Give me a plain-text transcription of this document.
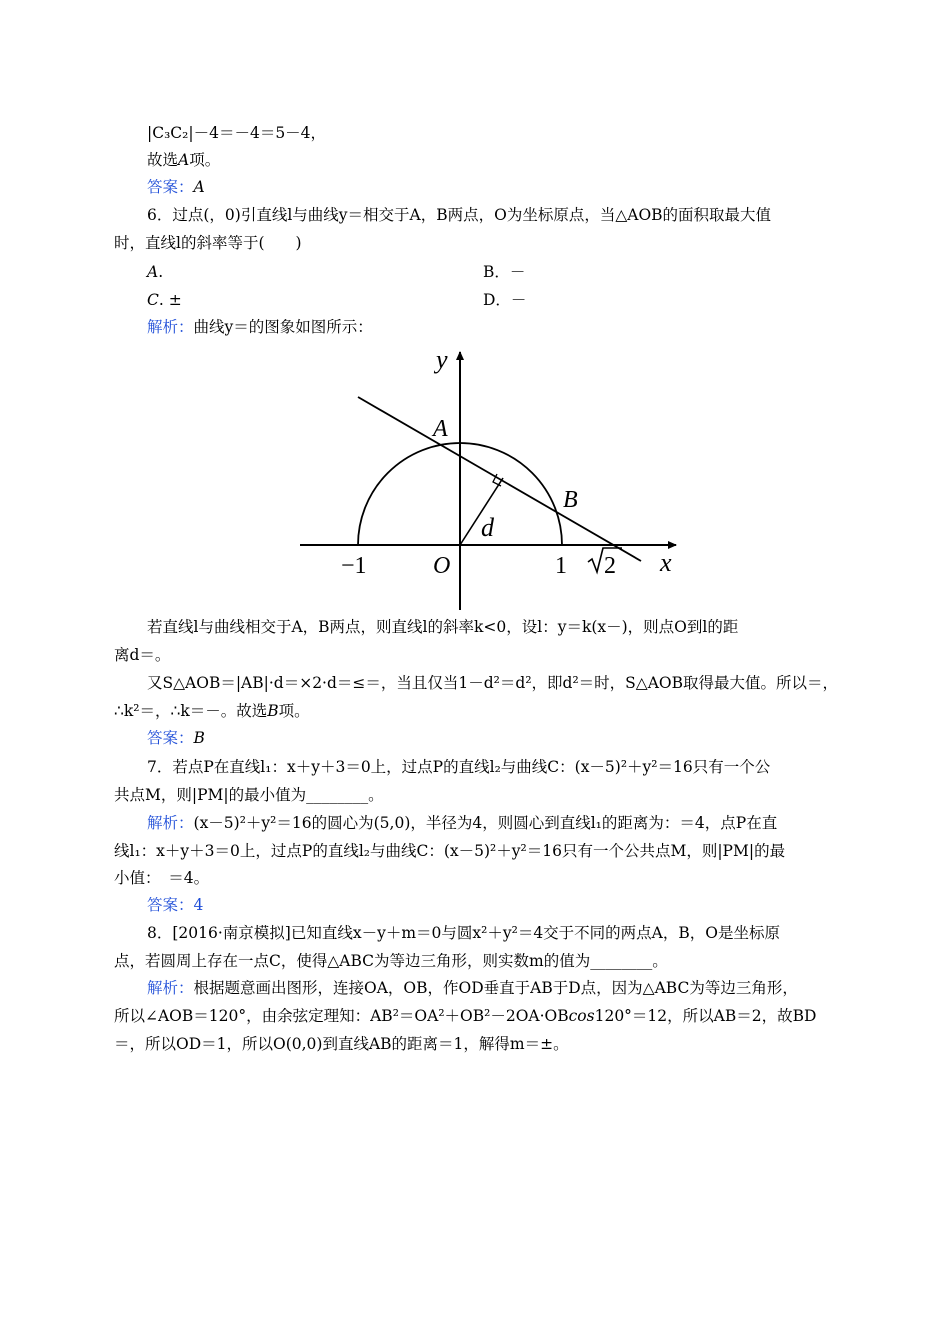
|C₃C₂|－4＝－4＝5－4，
故选A项。
答案：A
6．过点(，0)引直线l与曲线y＝相交于A，B两点，O为坐标原点，当△AOB的面积取最大值
时，直线l的斜率等于(　　)
A.	B．－
C. ±	D．－
解析：曲线y＝的图象如图所示：
y
x
A
B
d
O
−1	1 2
若直线l与曲线相交于A，B两点，则直线l的斜率k<0，设l：y＝k(x－)，则点O到l的距
离d＝。
又S△AOB＝|AB|·d＝×2·d＝≤＝，当且仅当1－d²＝d²，即d²＝时，S△AOB取得最大值。所以＝，
∴k²＝，∴k＝－。故选B项。
答案：B
7．若点P在直线l₁：x＋y＋3＝0上，过点P的直线l₂与曲线C：(x－5)²＋y²＝16只有一个公
共点M，则|PM|的最小值为________。
解析：(x－5)²＋y²＝16的圆心为(5,0)，半径为4，则圆心到直线l₁的距离为：＝4，点P在直
线l₁：x＋y＋3＝0上，过点P的直线l₂与曲线C：(x－5)²＋y²＝16只有一个公共点M，则|PM|的最
小值：　＝4。
答案：4
8．[2016·南京模拟]已知直线x－y＋m＝0与圆x²＋y²＝4交于不同的两点A，B，O是坐标原
点，若圆周上存在一点C，使得△ABC为等边三角形，则实数m的值为________。
解析：根据题意画出图形，连接OA，OB，作OD垂直于AB于D点，因为△ABC为等边三角形，
所以∠AOB＝120°，由余弦定理知：AB²＝OA²＋OB²－2OA·OBcos120°＝12，所以AB＝2，故BD
＝，所以OD＝1，所以O(0,0)到直线AB的距离＝1，解得m＝±。
